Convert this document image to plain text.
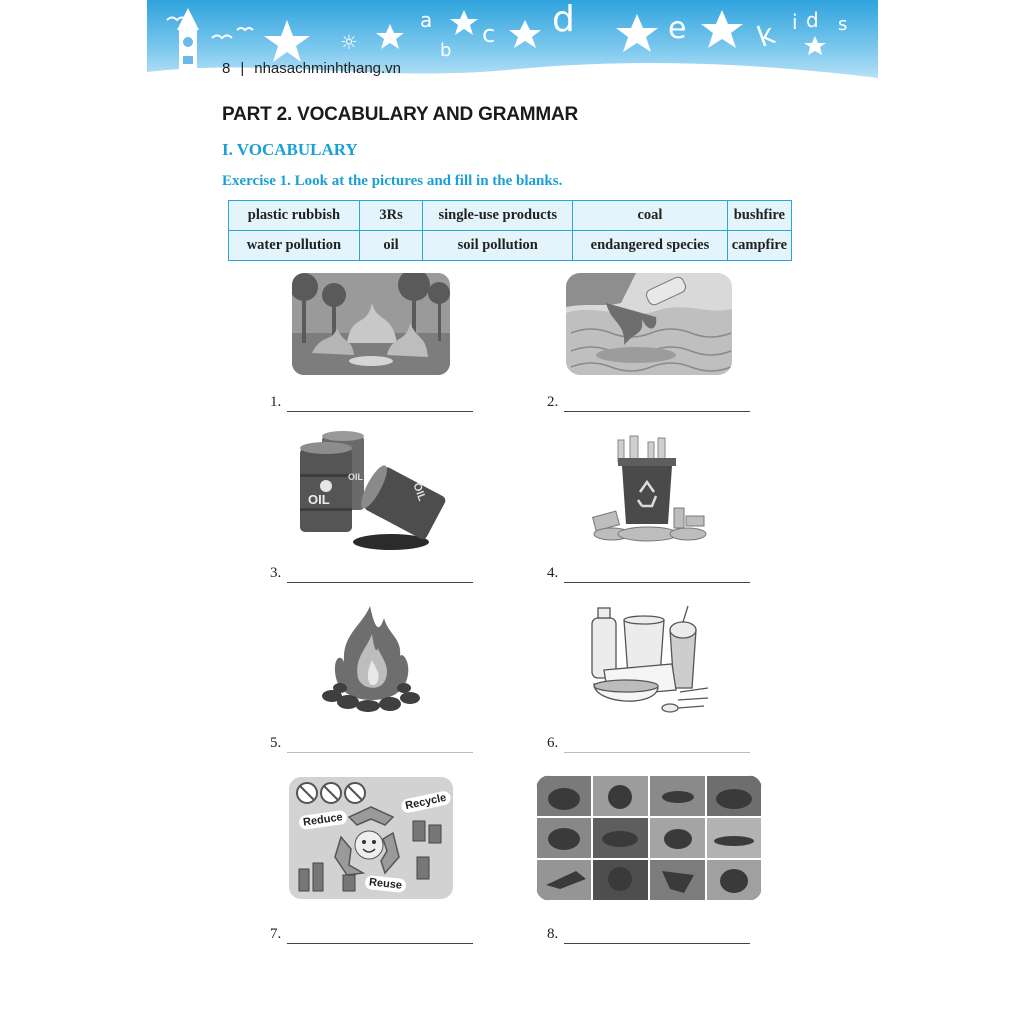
☼
a
b
c d	e k i d s
8 | nhasachminhthang.vn
PART 2. VOCABULARY AND GRAMMAR
I. VOCABULARY

Exercise 1. Look at the pictures and fill in the blanks.

plastic rubbish	3Rs	single-use products	coal	bushfire
water pollution	oil	soil pollution	endangered species	campfire
1.	2.
OIL
OIL
OIL
3.	4.
5.	6.
Reduce
Recycle
Reuse
7.	8.
